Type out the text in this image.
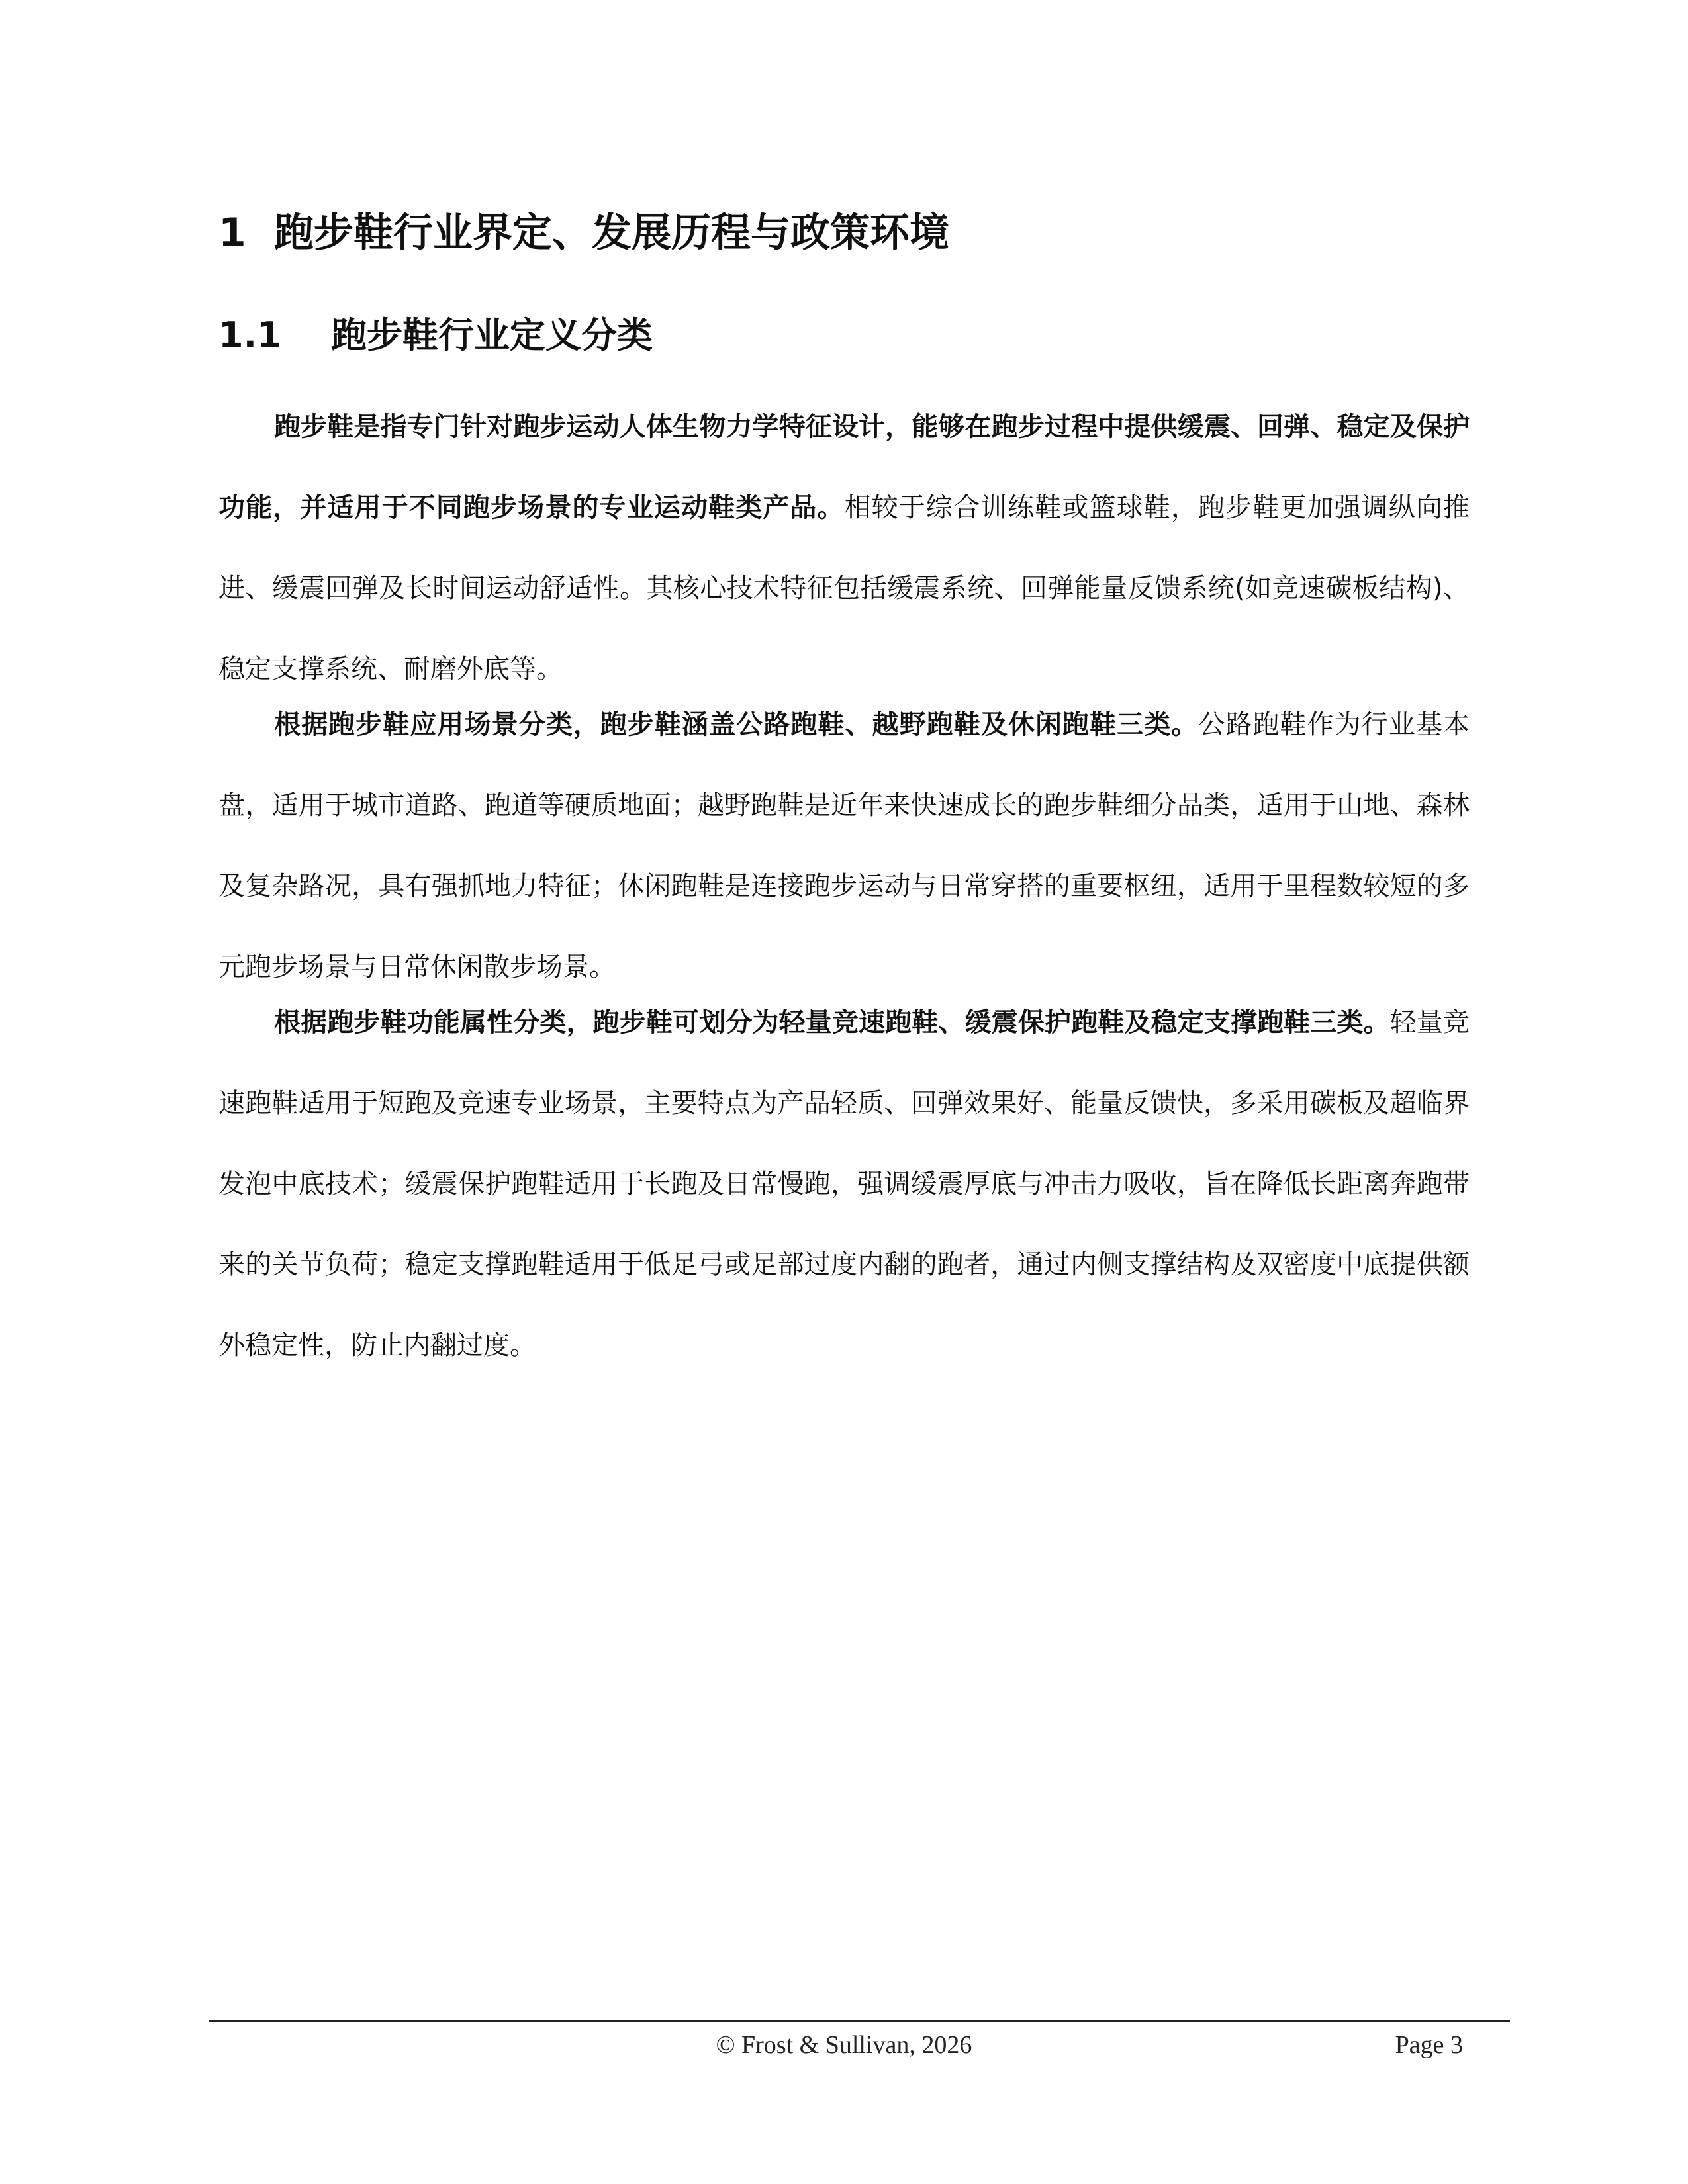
1 跑步鞋行业界定、发展历程与政策环境
1.1 跑步鞋行业定义分类

跑步鞋是指专门针对跑步运动人体生物力学特征设计，能够在跑步过程中提供缓震、回弹、稳定及保护功能，并适用于不同跑步场景的专业运动鞋类产品。相较于综合训练鞋或篮球鞋，跑步鞋更加强调纵向推进、缓震回弹及长时间运动舒适性。其核心技术特征包括缓震系统、回弹能量反馈系统(如竞速碳板结构)、稳定支撑系统、耐磨外底等。

根据跑步鞋应用场景分类，跑步鞋涵盖公路跑鞋、越野跑鞋及休闲跑鞋三类。公路跑鞋作为行业基本盘，适用于城市道路、跑道等硬质地面；越野跑鞋是近年来快速成长的跑步鞋细分品类，适用于山地、森林及复杂路况，具有强抓地力特征；休闲跑鞋是连接跑步运动与日常穿搭的重要枢纽，适用于里程数较短的多元跑步场景与日常休闲散步场景。

根据跑步鞋功能属性分类，跑步鞋可划分为轻量竞速跑鞋、缓震保护跑鞋及稳定支撑跑鞋三类。轻量竞速跑鞋适用于短跑及竞速专业场景，主要特点为产品轻质、回弹效果好、能量反馈快，多采用碳板及超临界发泡中底技术；缓震保护跑鞋适用于长跑及日常慢跑，强调缓震厚底与冲击力吸收，旨在降低长距离奔跑带来的关节负荷；稳定支撑跑鞋适用于低足弓或足部过度内翻的跑者，通过内侧支撑结构及双密度中底提供额外稳定性，防止内翻过度。

© Frost & Sullivan, 2026	Page 3
